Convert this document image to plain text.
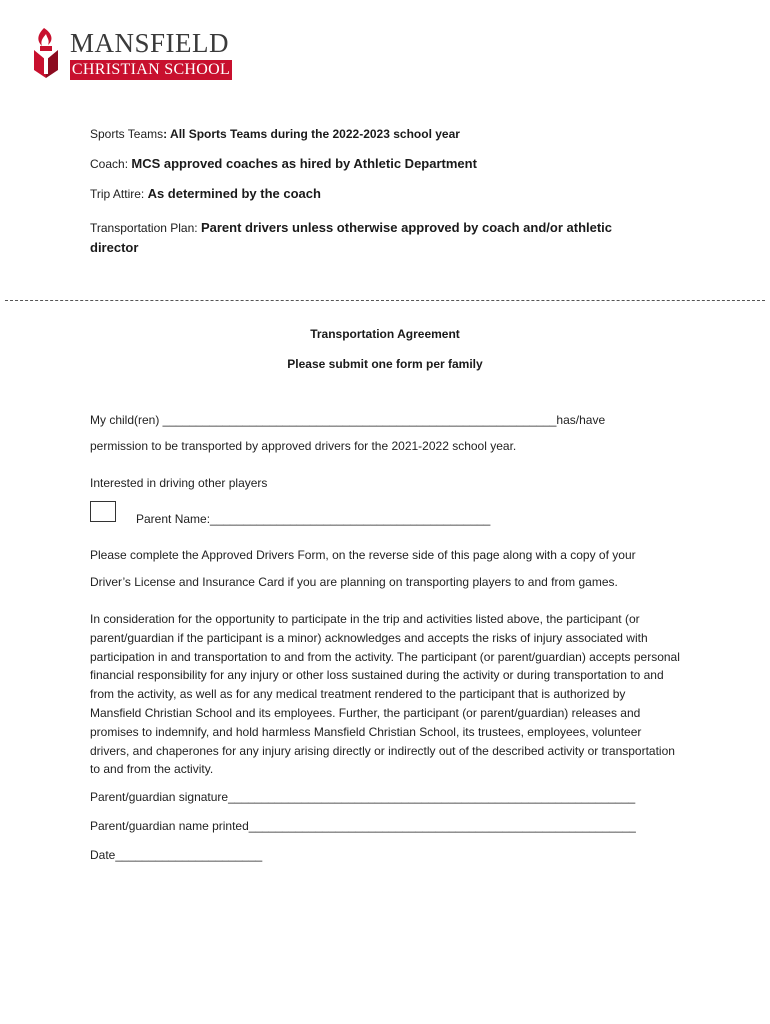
MANSFIELD
CHRISTIAN SCHOOL
Sports Teams: All Sports Teams during the 2022-2023 school year
Coach: MCS approved coaches as hired by Athletic Department
Trip Attire: As determined by the coach
Transportation Plan: Parent drivers unless otherwise approved by coach and/or athletic director
Transportation Agreement
Please submit one form per family
My child(ren) ___________________________________________________________has/have
permission to be transported by approved drivers for the 2021-2022 school year.
Interested in driving other players
Parent Name:__________________________________________
Please complete the Approved Drivers Form, on the reverse side of this page along with a copy of your
Driver’s License and Insurance Card if you are planning on transporting players to and from games.
In consideration for the opportunity to participate in the trip and activities listed above, the participant (or parent/guardian if the participant is a minor) acknowledges and accepts the risks of injury associated with participation in and transportation to and from the activity. The participant (or parent/guardian) accepts personal financial responsibility for any injury or other loss sustained during the activity or during transportation to and from the activity, as well as for any medical treatment rendered to the participant that is authorized by Mansfield Christian School and its employees. Further, the participant (or parent/guardian) releases and promises to indemnify, and hold harmless Mansfield Christian School, its trustees, employees, volunteer drivers, and chaperones for any injury arising directly or indirectly out of the described activity or transportation to and from the activity.
Parent/guardian signature_____________________________________________________________
Parent/guardian name printed__________________________________________________________
Date______________________
